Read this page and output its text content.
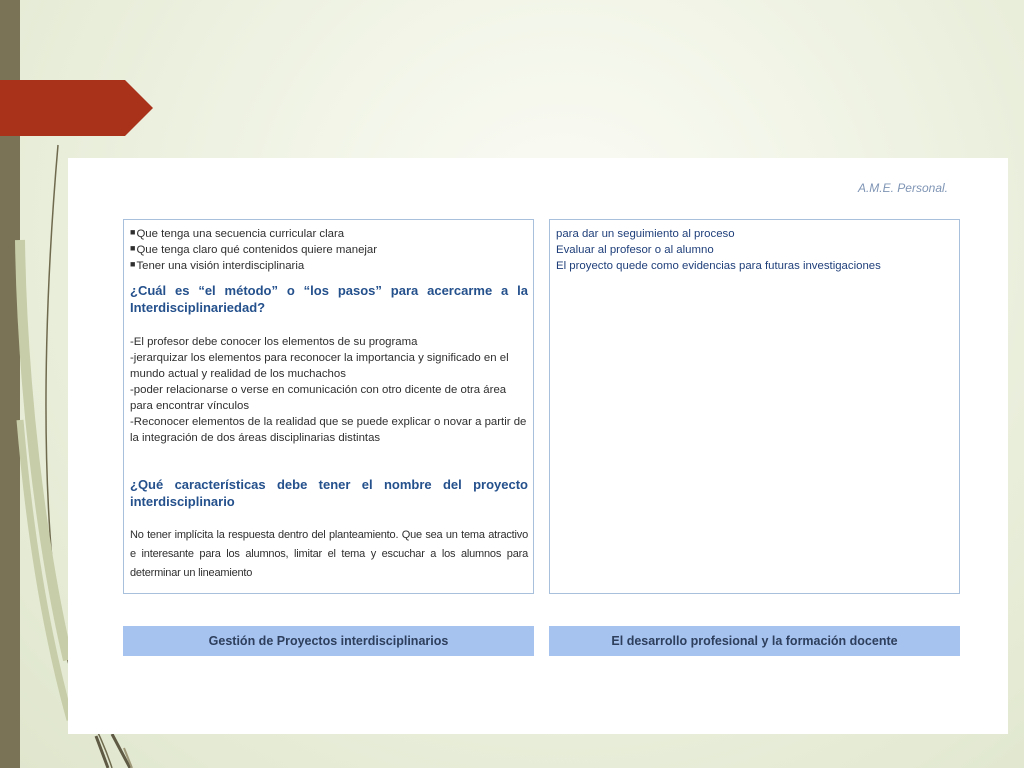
A.M.E. Personal.
■Que tenga una secuencia curricular clara
■Que tenga claro qué contenidos quiere manejar
■Tener una visión interdisciplinaria
¿Cuál es “el método” o “los pasos” para acercarme a la Interdisciplinariedad?
-El profesor debe conocer los elementos de su programa
-jerarquizar los elementos para reconocer la importancia y significado en el mundo actual y realidad de los muchachos
-poder relacionarse o verse en comunicación con otro dicente de otra área para encontrar vínculos
-Reconocer elementos de la realidad que se puede explicar o novar a partir de la integración de dos áreas disciplinarias distintas
¿Qué características debe tener el nombre del proyecto interdisciplinario
No tener implícita la respuesta dentro del planteamiento. Que sea un tema atractivo e interesante para los alumnos, limitar el tema y escuchar a los alumnos para determinar un lineamiento
para dar un seguimiento al proceso
Evaluar al profesor o al alumno
El proyecto quede como evidencias para futuras investigaciones
Gestión de Proyectos interdisciplinarios	El desarrollo profesional y la formación docente
